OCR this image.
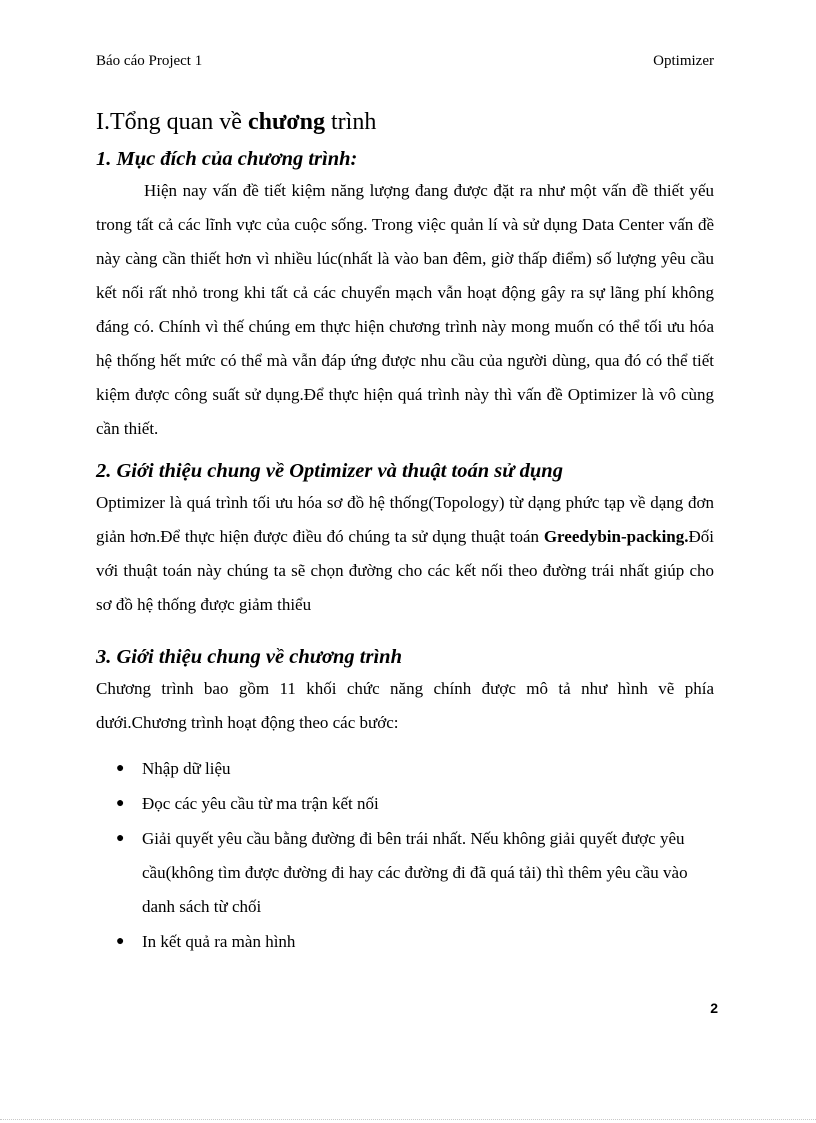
Báo cáo Project 1	Optimizer
I.Tổng quan về chương trình
1. Mục đích của chương trình:

Hiện nay vấn đề tiết kiệm năng lượng đang được đặt ra như một vấn đề thiết yếu trong tất cả các lĩnh vực của cuộc sống. Trong việc quản lí và sử dụng Data Center vấn đề này càng cần thiết hơn vì nhiều lúc(nhất là vào ban đêm, giờ thấp điểm) số lượng yêu cầu kết nối rất nhỏ trong khi tất cả các chuyển mạch vẫn hoạt động gây ra sự lãng phí không đáng có. Chính vì thế chúng em thực hiện chương trình này mong muốn có thể tối ưu hóa hệ thống hết mức có thể mà vẫn đáp ứng được nhu cầu của người dùng, qua đó có thể tiết kiệm được công suất sử dụng.Để thực hiện quá trình này thì vấn đề Optimizer là vô cùng cần thiết.

2. Giới thiệu chung về Optimizer và thuật toán sử dụng

Optimizer là quá trình tối ưu hóa sơ đồ hệ thống(Topology) từ dạng phức tạp về dạng đơn giản hơn.Để thực hiện được điều đó chúng ta sử dụng thuật toán Greedybin-packing.Đối với thuật toán này chúng ta sẽ chọn đường cho các kết nối theo đường trái nhất giúp cho sơ đồ hệ thống được giảm thiểu

3. Giới thiệu chung về chương trình

Chương trình bao gồm 11 khối chức năng chính được mô tả như hình vẽ phía dưới.Chương trình hoạt động theo các bước:

● Nhập dữ liệu
● Đọc các yêu cầu từ ma trận kết nối
● Giải quyết yêu cầu bằng đường đi bên trái nhất. Nếu không giải quyết được yêu cầu(không tìm được đường đi hay các đường đi đã quá tải) thì thêm yêu cầu vào danh sách từ chối
● In kết quả ra màn hình
2
